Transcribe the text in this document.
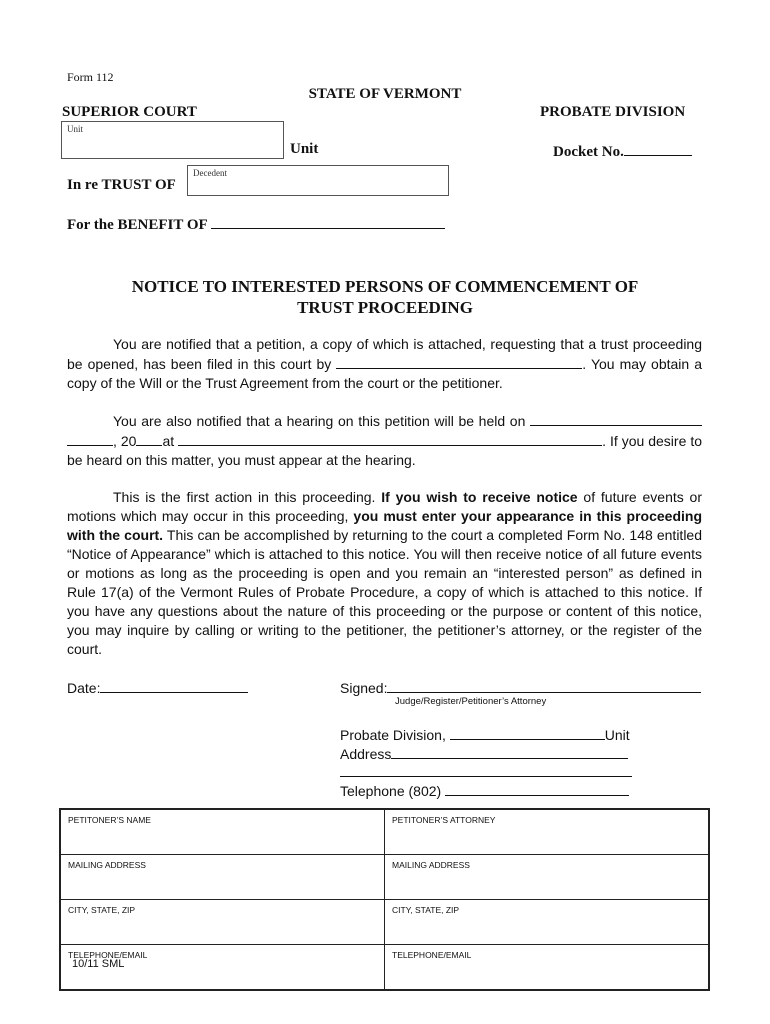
Form 112
STATE OF VERMONT
SUPERIOR COURT	PROBATE DIVISION
Unit
Unit	Docket No.
Decedent
In re TRUST OF
For the BENEFIT OF
NOTICE TO INTERESTED PERSONS OF COMMENCEMENT OF
TRUST PROCEEDING
You are notified that a petition, a copy of which is attached, requesting that a trust proceeding be opened, has been filed in this court by	. You may obtain a copy of the Will or the Trust Agreement from the court or the petitioner.
You are also notified that a hearing on this petition will be held on  , 20 at	. If you desire to be heard on this matter, you must appear at the hearing.
This is the first action in this proceeding. If you wish to receive notice of future events or motions which may occur in this proceeding, you must enter your appearance in this proceeding with the court. This can be accomplished by returning to the court a completed Form No. 148 entitled “Notice of Appearance” which is attached to this notice. You will then receive notice of all future events or motions as long as the proceeding is open and you remain an “interested person” as defined in Rule 17(a) of the Vermont Rules of Probate Procedure, a copy of which is attached to this notice. If you have any questions about the nature of this proceeding or the purpose or content of this notice, you may inquire by calling or writing to the petitioner, the petitioner’s attorney, or the register of the court.
Date:	Signed:
Judge/Register/Petitioner’s Attorney
Probate Division,	Unit
Address
Telephone (802)
PETITONER’S NAME	PETITONER’S ATTORNEY
MAILING ADDRESS	MAILING ADDRESS
CITY, STATE, ZIP	CITY, STATE, ZIP
TELEPHONE/EMAIL	TELEPHONE/EMAIL
10/11 SML
